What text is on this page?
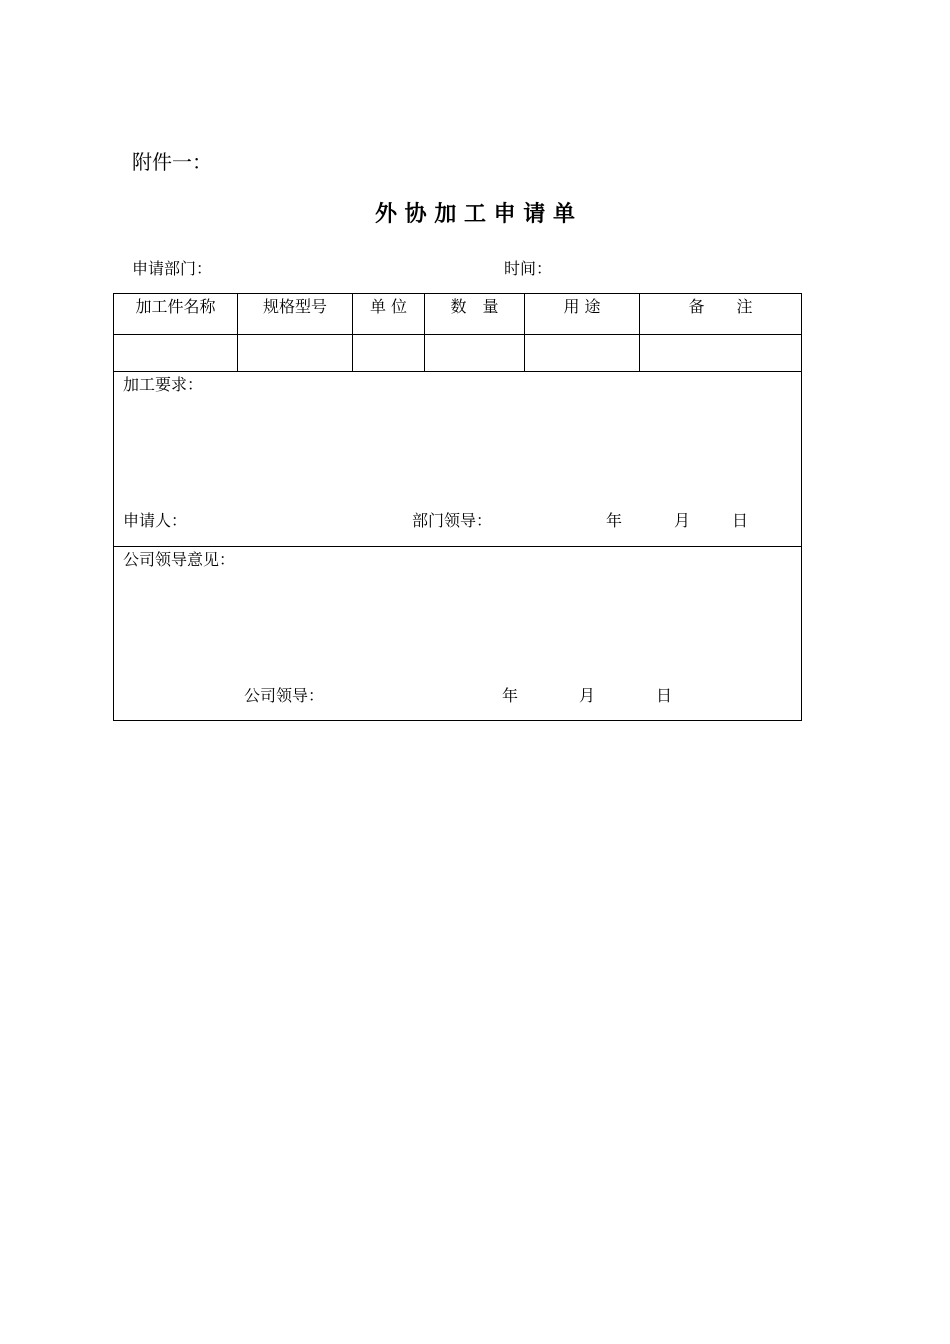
附件一：
外 协 加 工 申 请 单
申请部门：	时间：
加工件名称	规格型号	单 位	数　量	用 途	备　　注
加工要求：
申请人：	部门领导：	年	月	日
公司领导意见：
公司领导：	年	月	日
